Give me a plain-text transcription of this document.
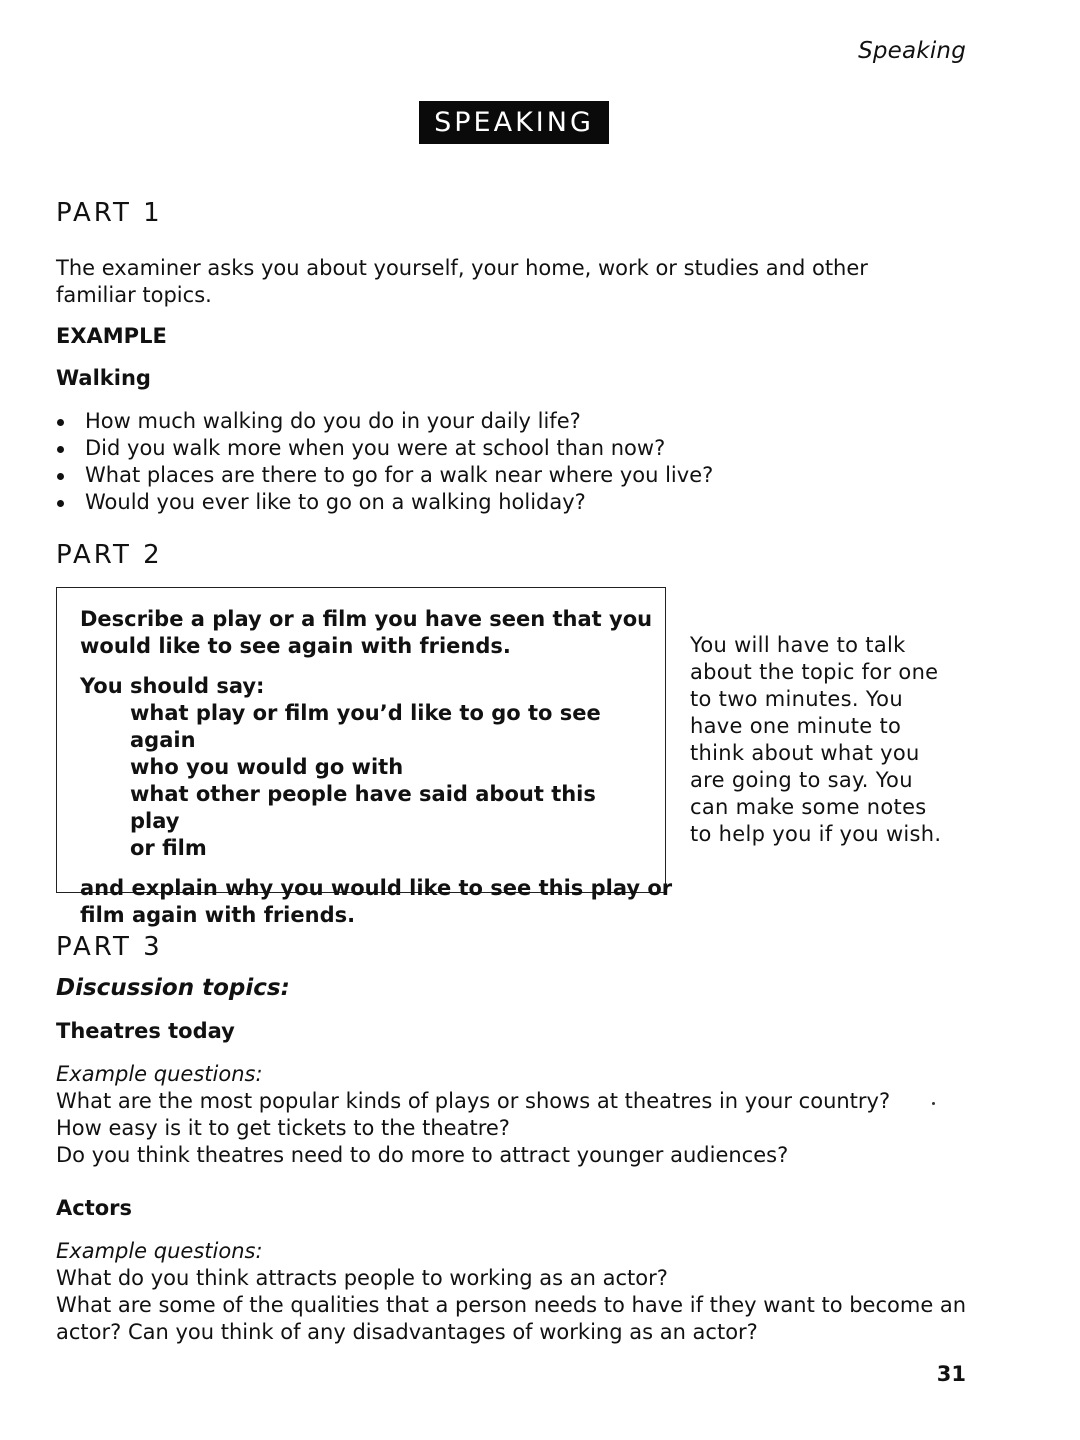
Speaking
SPEAKING
PART 1
The examiner asks you about yourself, your home, work or studies and other
familiar topics.
EXAMPLE
Walking
How much walking do you do in your daily life?
Did you walk more when you were at school than now?
What places are there to go for a walk near where you live?
Would you ever like to go on a walking holiday?
PART 2
Describe a play or a film you have seen that you
would like to see again with friends.
You should say:
what play or film you’d like to go to see again
who you would go with
what other people have said about this play
or film
and explain why you would like to see this play or
film again with friends.
You will have to talk
about the topic for one
to two minutes. You
have one minute to
think about what you
are going to say. You
can make some notes
to help you if you wish.
PART 3
Discussion topics:
Theatres today
Example questions:
What are the most popular kinds of plays or shows at theatres in your country?
How easy is it to get tickets to the theatre?
Do you think theatres need to do more to attract younger audiences?
Actors
Example questions:
What do you think attracts people to working as an actor?
What are some of the qualities that a person needs to have if they want to become an
actor? Can you think of any disadvantages of working as an actor?
31
